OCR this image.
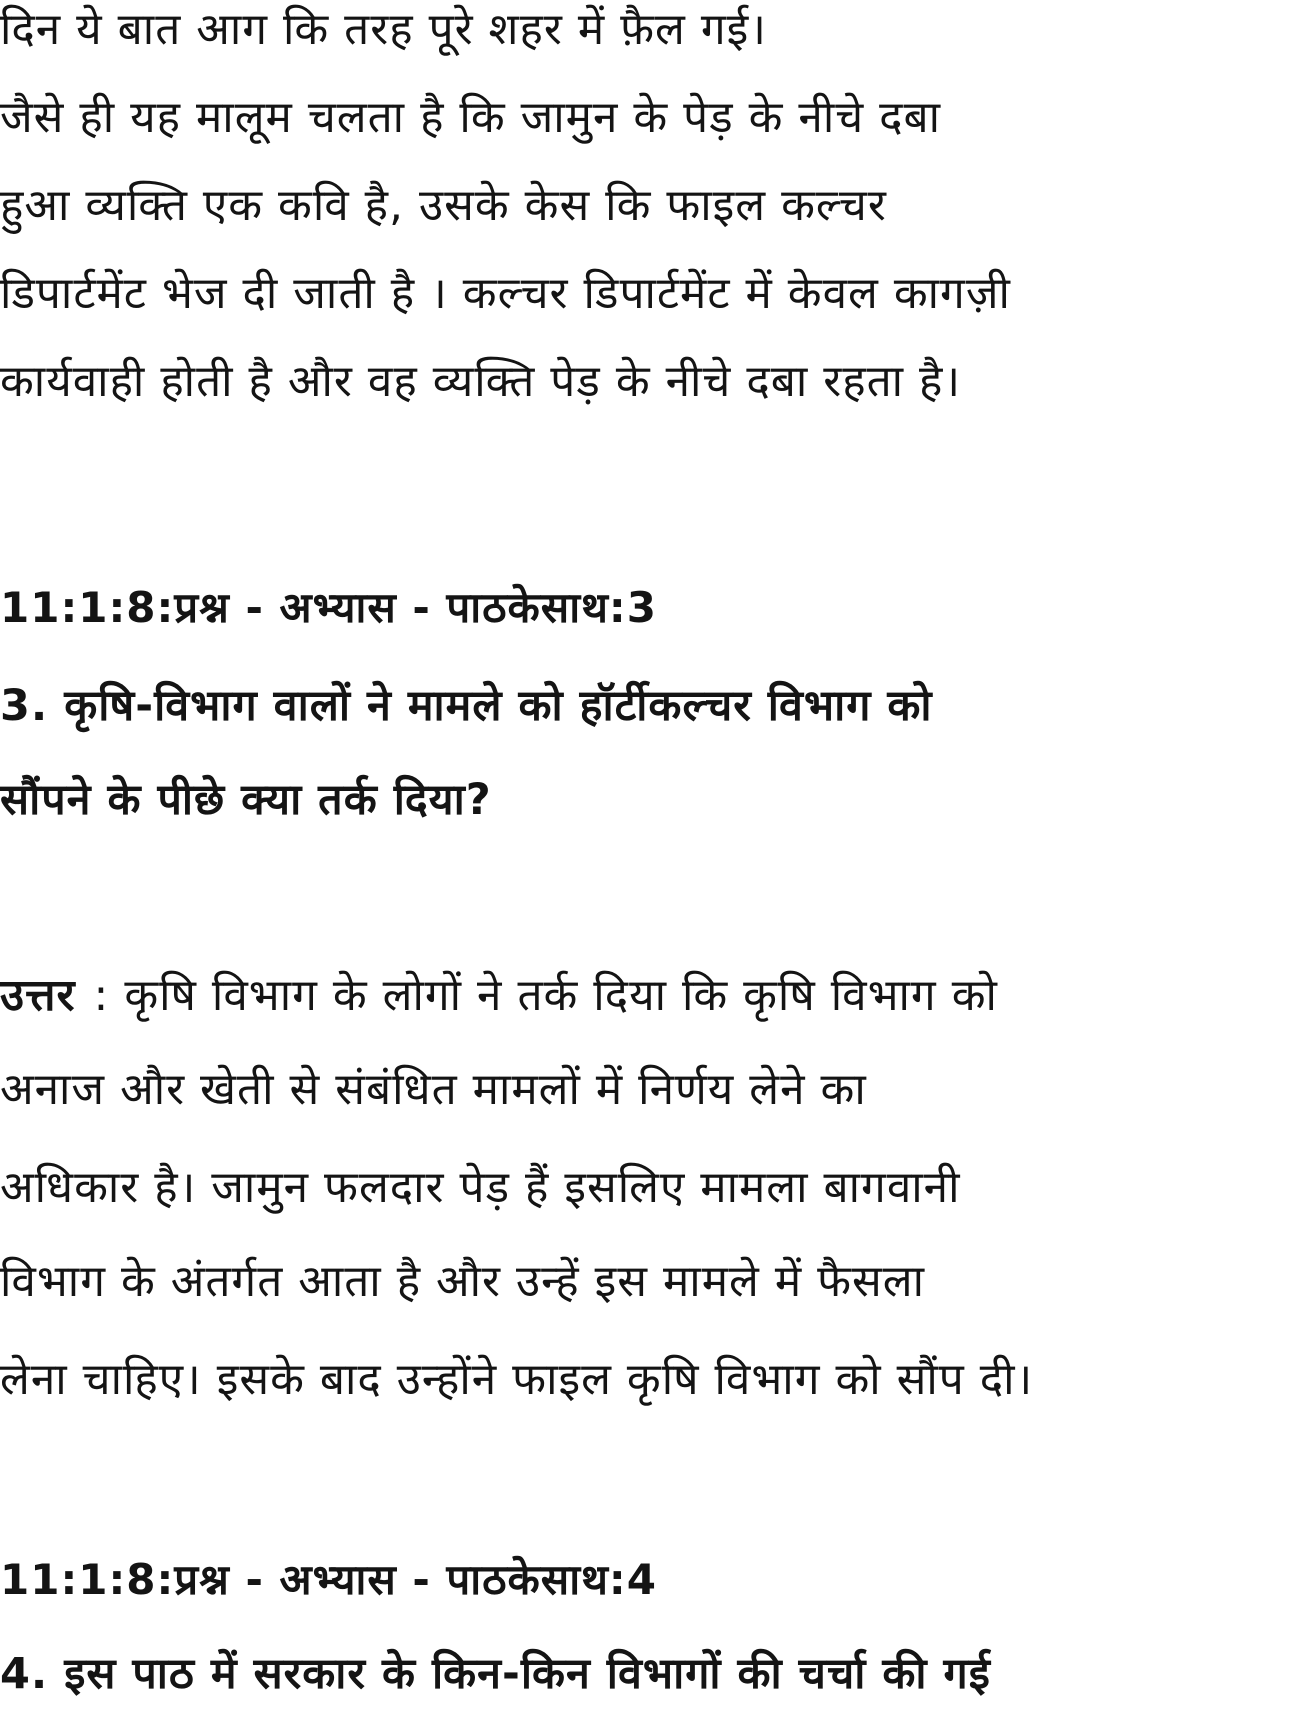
दिन ये बात आग कि तरह पूरे शहर में फ़ैल गई।
जैसे ही यह मालूम चलता है कि जामुन के पेड़ के नीचे दबा
हुआ व्यक्ति एक कवि है, उसके केस कि फाइल कल्चर
डिपार्टमेंट भेज दी जाती है । कल्चर डिपार्टमेंट में केवल कागज़ी
कार्यवाही होती है और वह व्यक्ति पेड़ के नीचे दबा रहता है।
11:1:8:प्रश्न - अभ्यास - पाठकेसाथ:3
3. कृषि-विभाग वालों ने मामले को हॉर्टीकल्चर विभाग को
सौंपने के पीछे क्या तर्क दिया?
उत्तर : कृषि विभाग के लोगों ने तर्क दिया कि कृषि विभाग को
अनाज और खेती से संबंधित मामलों में निर्णय लेने का
अधिकार है। जामुन फलदार पेड़ हैं इसलिए मामला बागवानी
विभाग के अंतर्गत आता है और उन्हें इस मामले में फैसला
लेना चाहिए। इसके बाद उन्होंने फाइल कृषि विभाग को सौंप दी।
11:1:8:प्रश्न - अभ्यास - पाठकेसाथ:4
4. इस पाठ में सरकार के किन-किन विभागों की चर्चा की गई
